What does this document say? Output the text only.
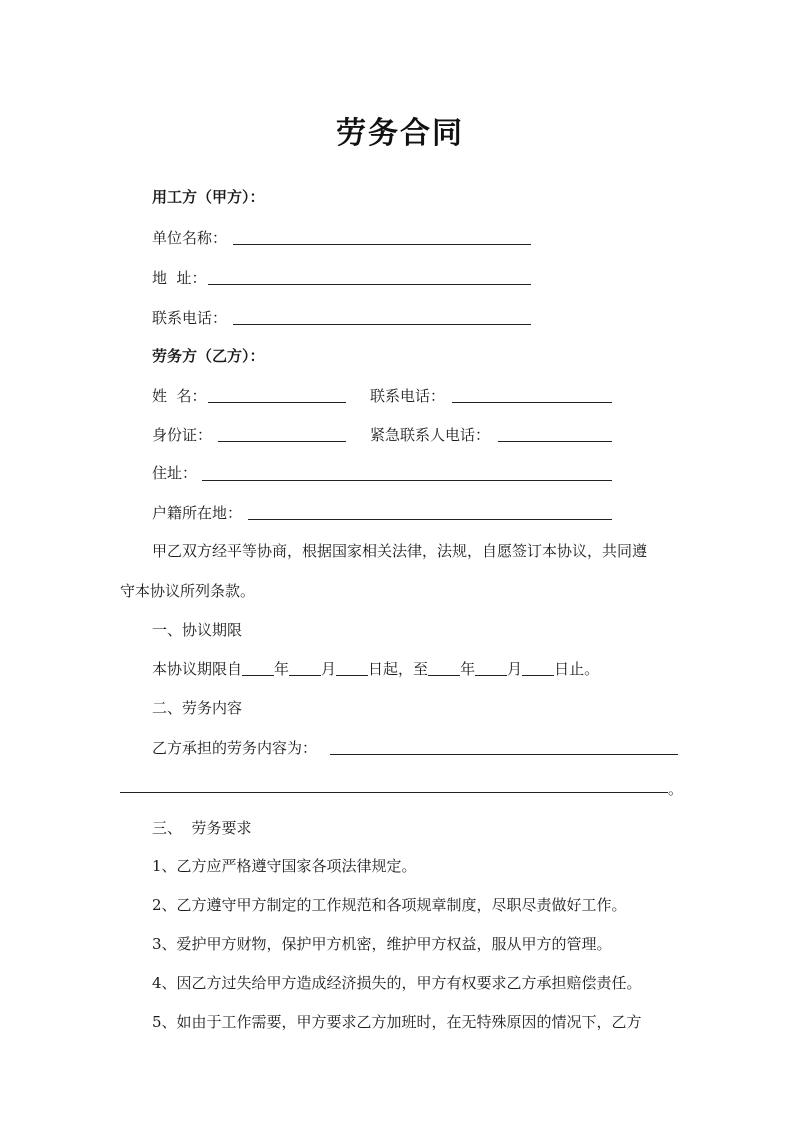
劳务合同
用工方（甲方）：
单位名称：
地  址：
联系电话：
劳务方（乙方）：
姓  名：	联系电话：
身份证：	紧急联系人电话：
住址：
户籍所在地：
甲乙双方经平等协商，根据国家相关法律，法规，自愿签订本协议，共同遵
守本协议所列条款。
一、协议期限
本协议期限自 年 月 日起，至 年 月 日止。
二、劳务内容
乙方承担的劳务内容为：
。
三、  劳务要求
1、乙方应严格遵守国家各项法律规定。
2、乙方遵守甲方制定的工作规范和各项规章制度，尽职尽责做好工作。
3、爱护甲方财物，保护甲方机密，维护甲方权益，服从甲方的管理。
4、因乙方过失给甲方造成经济损失的，甲方有权要求乙方承担赔偿责任。
5、如由于工作需要，甲方要求乙方加班时，在无特殊原因的情况下，乙方
